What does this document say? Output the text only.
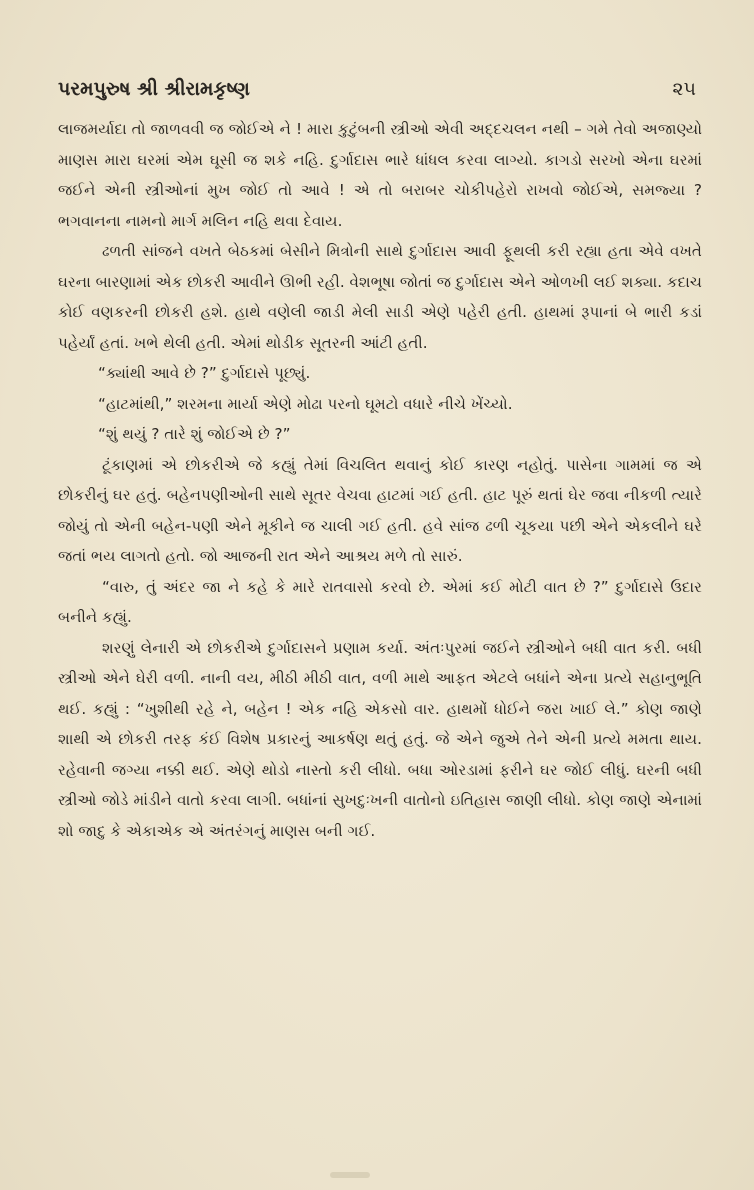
પરમપુરુષ શ્રી શ્રીરામકૃષ્ણ	૨૫

લાજમર્યાદા તો જાળવવી જ જોઈએ ને ! મારા કુટુંબની સ્ત્રીઓ એવી અદ્દચલન નથી – ગમે તેવો અજાણ્યો માણસ મારા ઘરમાં એમ ઘૂસી જ શકે નહિ. દુર્ગાદાસ ભારે ધાંધલ કરવા લાગ્યો. કાગડો સરખો એના ઘરમાં જઈને એની સ્ત્રીઓનાં મુખ જોઈ તો આવે ! એ તો બરાબર ચોકીપહેરો રાખવો જોઈએ, સમજ્યા ? ભગવાનના નામનો માર્ગ મલિન નહિ થવા દેવાય.

ઢળતી સાંજને વખતે બેઠકમાં બેસીને મિત્રોની સાથે દુર્ગાદાસ આવી ફૂથલી કરી રહ્યા હતા એવે વખતે ઘરના બારણામાં એક છોકરી આવીને ઊભી રહી. વેશભૂષા જોતાં જ દુર્ગાદાસ એને ઓળખી લઈ શક્યા. કદાચ કોઈ વણકરની છોકરી હશે. હાથે વણેલી જાડી મેલી સાડી એણે પહેરી હતી. હાથમાં રૂપાનાં બે ભારી કડાં પહેર્યાં હતાં. ખભે થેલી હતી. એમાં થોડીક સૂતરની આંટી હતી.

“ક્યાંથી આવે છે ?” દુર્ગાદાસે પૂછ્યું.

“હાટમાંથી,” શરમના માર્યા એણે મોઢા પરનો ઘૂમટો વધારે નીચે ખેંચ્યો.

“શું થયું ? તારે શું જોઈએ છે ?”

ટૂંકાણમાં એ છોકરીએ જે કહ્યું તેમાં વિચલિત થવાનું કોઈ કારણ નહોતું. પાસેના ગામમાં જ એ છોકરીનું ઘર હતું. બહેનપણીઓની સાથે સૂતર વેચવા હાટમાં ગઈ હતી. હાટ પૂરું થતાં ઘેર જવા નીકળી ત્યારે જોયું તો એની બહેન-પણી એને મૂકીને જ ચાલી ગઈ હતી. હવે સાંજ ઢળી ચૂકયા પછી એને એકલીને ઘરે જતાં ભય લાગતો હતો. જો આજની રાત એને આશ્રય મળે તો સારું.

“વારુ, તું અંદર જા ને કહે કે મારે રાતવાસો કરવો છે. એમાં કઈ મોટી વાત છે ?” દુર્ગાદાસે ઉદાર બનીને કહ્યું.

શરણું લેનારી એ છોકરીએ દુર્ગાદાસને પ્રણામ કર્યા. અંતઃપુરમાં જઈને સ્ત્રીઓને બધી વાત કરી. બધી સ્ત્રીઓ એને ઘેરી વળી. નાની વય, મીઠી મીઠી વાત, વળી માથે આફત એટલે બધાંને એના પ્રત્યે સહાનુભૂતિ થઈ. કહ્યું : “ખુશીથી રહે ને, બહેન ! એક નહિ એકસો વાર. હાથમોં ધોઈને જરા ખાઈ લે.” કોણ જાણે શાથી એ છોકરી તરફ કંઈ વિશેષ પ્રકારનું આકર્ષણ થતું હતું. જે એને જુએ તેને એની પ્રત્યે મમતા થાય. રહેવાની જગ્યા નક્કી થઈ. એણે થોડો નાસ્તો કરી લીધો. બધા ઓરડામાં ફરીને ઘર જોઈ લીધું. ઘરની બધી સ્ત્રીઓ જોડે માંડીને વાતો કરવા લાગી. બધાંનાં સુખદુઃખની વાતોનો ઇતિહાસ જાણી લીધો. કોણ જાણે એનામાં શો જાદુ કે એકાએક એ અંતરંગનું માણસ બની ગઈ.
